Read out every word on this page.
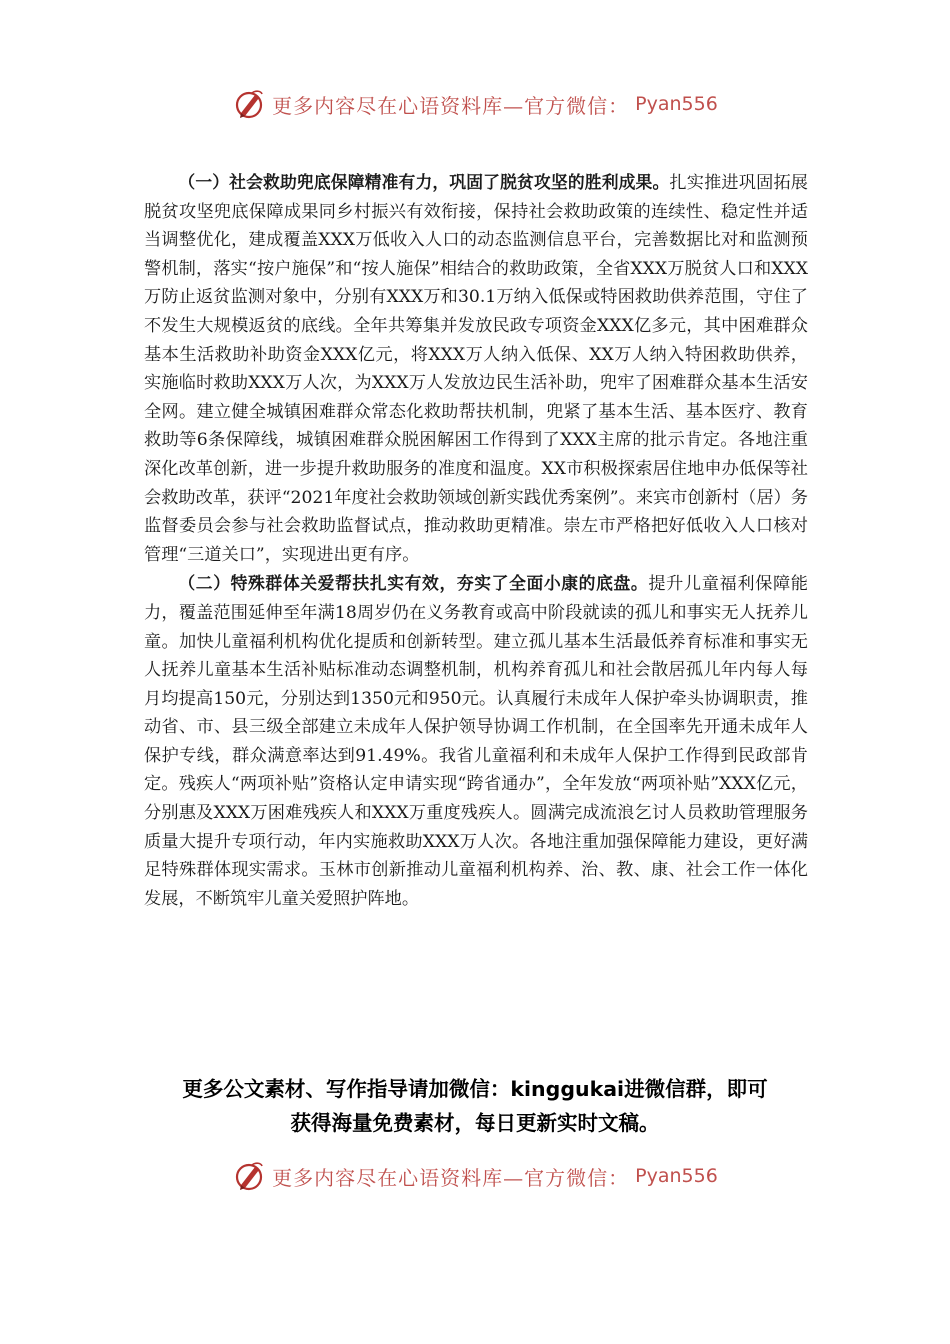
更多内容尽在心语资料库—官方微信： Pyan556

（一）社会救助兜底保障精准有力，巩固了脱贫攻坚的胜利成果。扎实推进巩固拓展脱贫攻坚兜底保障成果同乡村振兴有效衔接，保持社会救助政策的连续性、稳定性并适当调整优化，建成覆盖XXX万低收入人口的动态监测信息平台，完善数据比对和监测预警机制，落实“按户施保”和“按人施保”相结合的救助政策，全省XXX万脱贫人口和XXX万防止返贫监测对象中，分别有XXX万和30.1万纳入低保或特困救助供养范围，守住了不发生大规模返贫的底线。全年共筹集并发放民政专项资金XXX亿多元，其中困难群众基本生活救助补助资金XXX亿元，将XXX万人纳入低保、XX万人纳入特困救助供养，实施临时救助XXX万人次，为XXX万人发放边民生活补助，兜牢了困难群众基本生活安全网。建立健全城镇困难群众常态化救助帮扶机制，兜紧了基本生活、基本医疗、教育救助等6条保障线，城镇困难群众脱困解困工作得到了XXX主席的批示肯定。各地注重深化改革创新，进一步提升救助服务的准度和温度。XX市积极探索居住地申办低保等社会救助改革，获评“2021年度社会救助领域创新实践优秀案例”。来宾市创新村（居）务监督委员会参与社会救助监督试点，推动救助更精准。崇左市严格把好低收入人口核对管理“三道关口”，实现进出更有序。

（二）特殊群体关爱帮扶扎实有效，夯实了全面小康的底盘。提升儿童福利保障能力，覆盖范围延伸至年满18周岁仍在义务教育或高中阶段就读的孤儿和事实无人抚养儿童。加快儿童福利机构优化提质和创新转型。建立孤儿基本生活最低养育标准和事实无人抚养儿童基本生活补贴标准动态调整机制，机构养育孤儿和社会散居孤儿年内每人每月均提高150元，分别达到1350元和950元。认真履行未成年人保护牵头协调职责，推动省、市、县三级全部建立未成年人保护领导协调工作机制，在全国率先开通未成年人保护专线，群众满意率达到91.49%。我省儿童福利和未成年人保护工作得到民政部肯定。残疾人“两项补贴”资格认定申请实现“跨省通办”，全年发放“两项补贴”XXX亿元，分别惠及XXX万困难残疾人和XXX万重度残疾人。圆满完成流浪乞讨人员救助管理服务质量大提升专项行动，年内实施救助XXX万人次。各地注重加强保障能力建设，更好满足特殊群体现实需求。玉林市创新推动儿童福利机构养、治、教、康、社会工作一体化发展，不断筑牢儿童关爱照护阵地。

更多公文素材、写作指导请加微信：kinggukai进微信群，即可
获得海量免费素材，每日更新实时文稿。
更多内容尽在心语资料库—官方微信： Pyan556
